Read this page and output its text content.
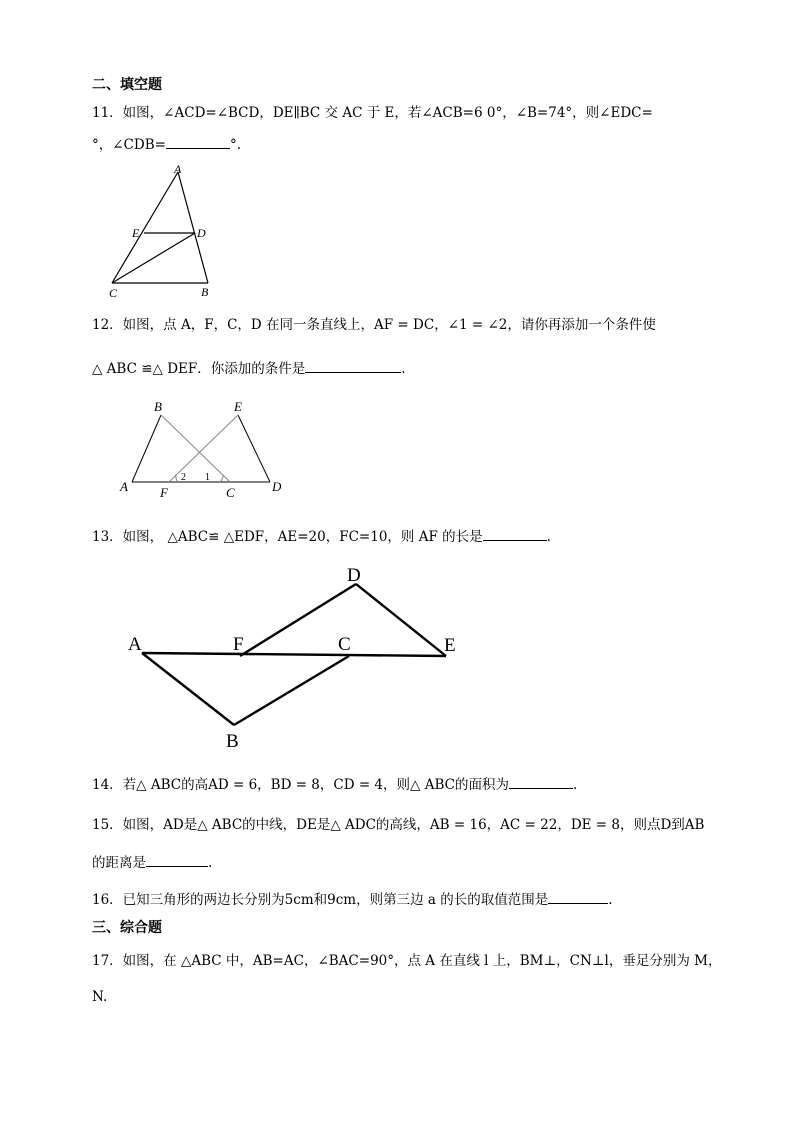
二、填空题
11．如图，∠ACD=∠BCD，DE∥BC 交 AC 于 E，若∠ACB=6 0°，∠B=74°，则∠EDC=
°，∠CDB=	°.
A
E	D
C	B
12．如图，点 A，F，C，D 在同一条直线上，AF = DC，∠1 = ∠2，请你再添加一个条件使
△ ABC ≌△ DEF．你添加的条件是	.
B	E
A F	C	D
2 1
13．如图， △ABC≌ △EDF，AE=20，FC=10，则 AF 的长是	.
A	F	C	E
D
B
14．若△ ABC的高AD = 6，BD = 8，CD = 4，则△ ABC的面积为	.
15．如图，AD是△ ABC的中线，DE是△ ADC的高线，AB = 16，AC = 22，DE = 8，则点D到AB
的距离是	.
16．已知三角形的两边长分别为5cm和9cm，则第三边 a 的长的取值范围是	.
三、综合题
17．如图，在 △ABC 中，AB=AC，∠BAC=90°，点 A 在直线 l 上，BM⊥，CN⊥l，垂足分别为 M，
N.
